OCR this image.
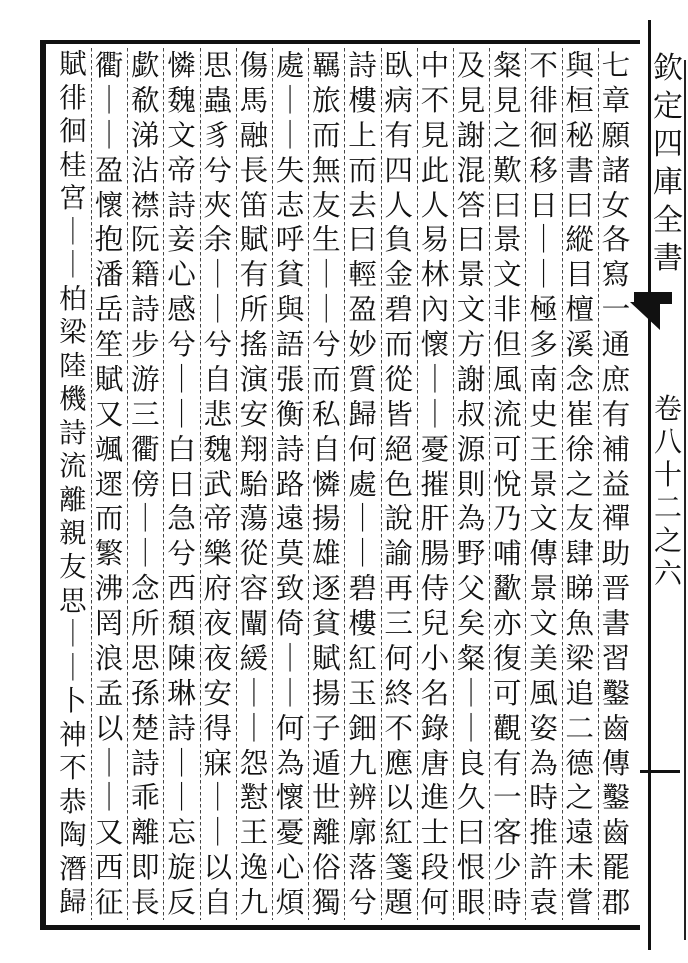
欽
定
四
庫
全
書
卷
八
十
二
之
六
七
章
願
諸
女
各
寫
一
通
庶
有
補
益
禪
助
晋
書
習
鑿
齒
傳
鑿
齒
罷
郡
與
桓
秘
書
曰
縱
目
檀
溪
念
崔
徐
之
友
肆
睇
魚
梁
追
二
德
之
遠
未
嘗
不
徘
徊
移
日
｜
｜
極
多
南
史
王
景
文
傳
景
文
美
風
姿
為
時
推
許
袁
粲
見
之
歎
曰
景
文
非
但
風
流
可
悅
乃
哺
歠
亦
復
可
觀
有
一
客
少
時
及
見
謝
混
答
曰
景
文
方
謝
叔
源
則
為
野
父
矣
粲
｜
｜
良
久
曰
恨
眼
中
不
見
此
人
易
林
內
懷
｜
｜
憂
摧
肝
腸
侍
兒
小
名
錄
唐
進
士
段
何
臥
病
有
四
人
負
金
碧
而
從
皆
絕
色
說
諭
再
三
何
終
不
應
以
紅
箋
題
詩
樓
上
而
去
曰
輕
盈
妙
質
歸
何
處
｜
｜
碧
樓
紅
玉
鈿
九
辨
廓
落
兮
羈
旅
而
無
友
生
｜
｜
兮
而
私
自
憐
揚
雄
逐
貧
賦
揚
子
遁
世
離
俗
獨
處
｜
｜
失
志
呼
貧
與
語
張
衡
詩
路
遠
莫
致
倚
｜
｜
何
為
懷
憂
心
煩
傷
馬
融
長
笛
賦
有
所
搖
演
安
翔
駘
蕩
從
容
闡
緩
｜
｜
怨
懟
王
逸
九
思
蟲
豸
兮
夾
余
｜
｜
兮
自
悲
魏
武
帝
樂
府
夜
夜
安
得
寐
｜
｜
以
自
憐
魏
文
帝
詩
妾
心
感
兮
｜
｜
白
日
急
兮
西
頹
陳
琳
詩
｜
｜
忘
旋
反
歔
欷
涕
沾
襟
阮
籍
詩
步
游
三
衢
傍
｜
｜
念
所
思
孫
楚
詩
乖
離
即
長
衢
｜
｜
盈
懷
抱
潘
岳
笙
賦
又
颯
遝
而
繁
沸
罔
浪
孟
以
｜
｜
又
西
征
賦
徘
徊
桂
宮
｜
｜
柏
梁
陸
機
詩
流
離
親
友
思
｜
｜
卜
神
不
恭
陶
潛
歸
